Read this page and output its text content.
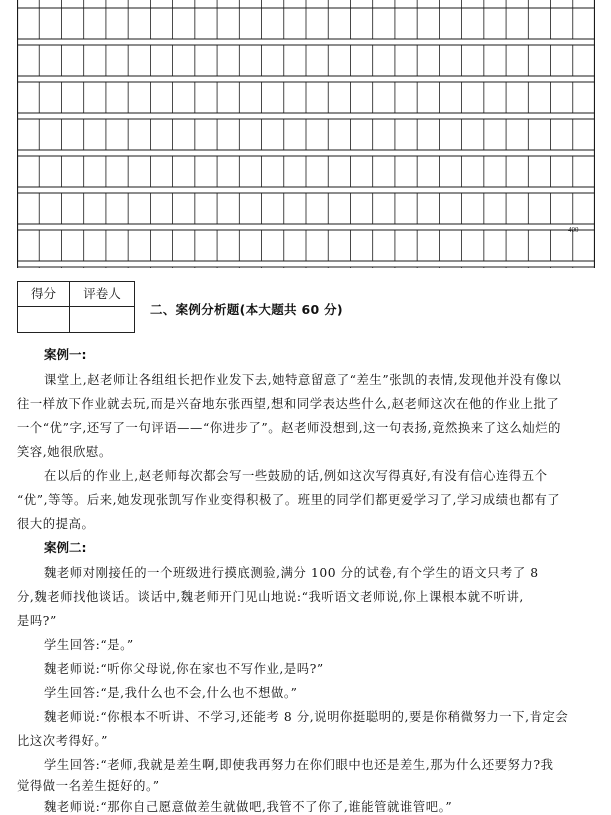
400
得分	评卷人
二、案例分析题(本大题共 60 分)
案例一:
课堂上,赵老师让各组组长把作业发下去,她特意留意了“差生”张凯的表情,发现他并没有像以
往一样放下作业就去玩,而是兴奋地东张西望,想和同学表达些什么,赵老师这次在他的作业上批了
一个“优”字,还写了一句评语——“你进步了”。赵老师没想到,这一句表扬,竟然换来了这么灿烂的
笑容,她很欣慰。
在以后的作业上,赵老师每次都会写一些鼓励的话,例如这次写得真好,有没有信心连得五个
“优”,等等。后来,她发现张凯写作业变得积极了。班里的同学们都更爱学习了,学习成绩也都有了
很大的提高。
案例二:
魏老师对刚接任的一个班级进行摸底测验,满分 100 分的试卷,有个学生的语文只考了 8
分,魏老师找他谈话。谈话中,魏老师开门见山地说:“我听语文老师说,你上课根本就不听讲,
是吗?”
学生回答:“是。”
魏老师说:“听你父母说,你在家也不写作业,是吗?”
学生回答:“是,我什么也不会,什么也不想做。”
魏老师说:“你根本不听讲、不学习,还能考 8 分,说明你挺聪明的,要是你稍微努力一下,肯定会
比这次考得好。”
学生回答:“老师,我就是差生啊,即使我再努力在你们眼中也还是差生,那为什么还要努力?我
觉得做一名差生挺好的。”
魏老师说:“那你自己愿意做差生就做吧,我管不了你了,谁能管就谁管吧。”
